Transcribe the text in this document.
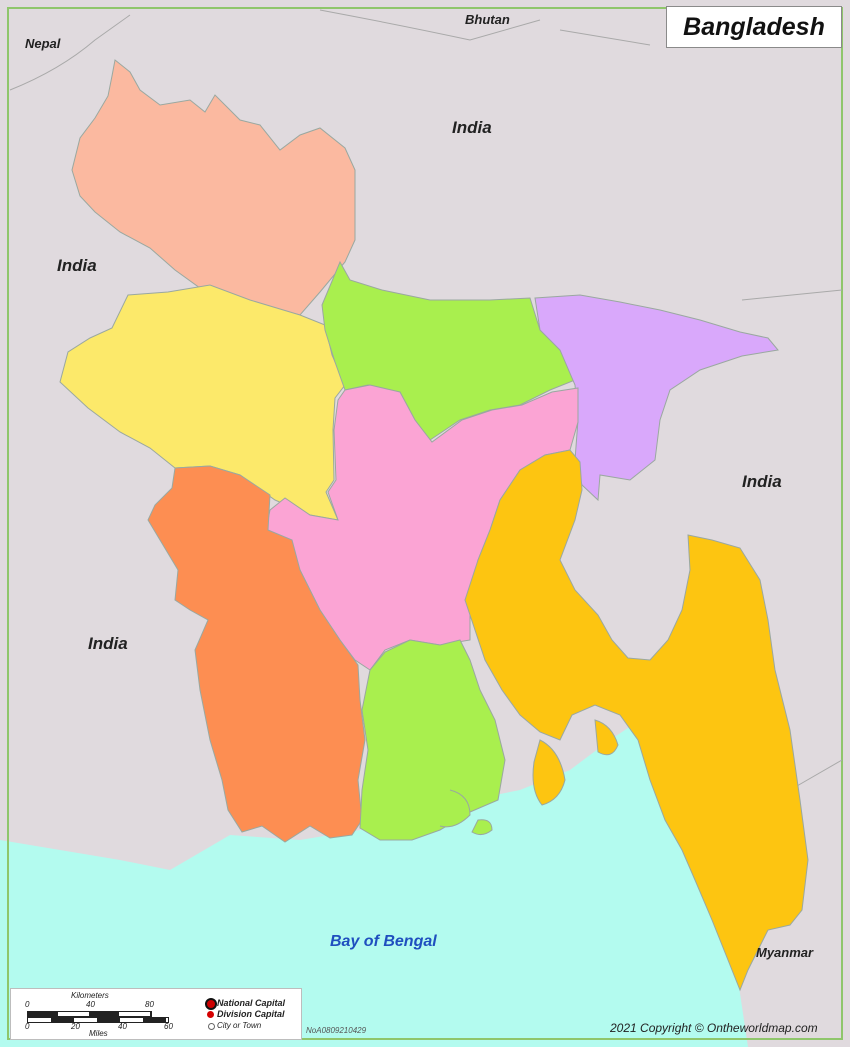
Nepal
Bhutan
India
India
India
India
Myanmar
Bay of Bengal
Bangladesh
Kilometers
0	40	80
0	20	40	60
Miles
National Capital
Division Capital
City or Town
NoA0809210429	2021 Copyright © Ontheworldmap.com
